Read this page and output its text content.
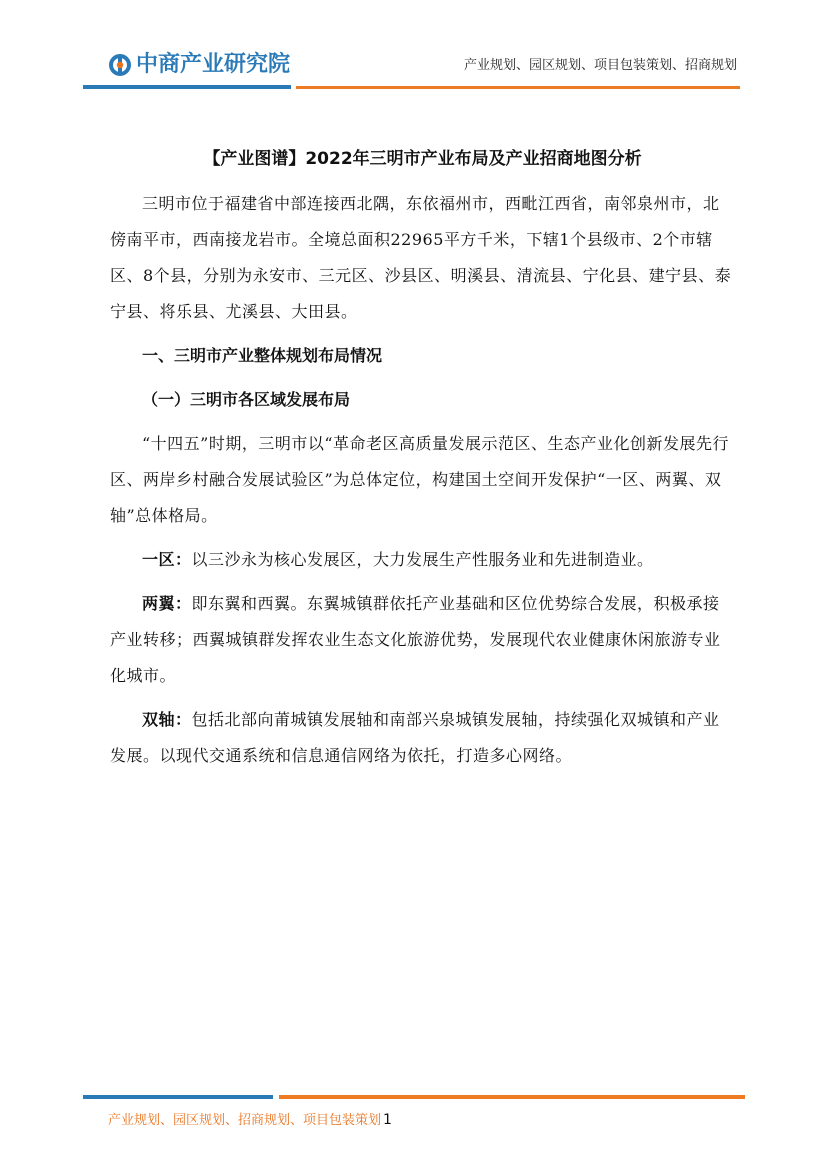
中商产业研究院	产业规划、园区规划、项目包装策划、招商规划
【产业图谱】2022年三明市产业布局及产业招商地图分析

三明市位于福建省中部连接西北隅，东依福州市，西毗江西省，南邻泉州市，北傍南平市，西南接龙岩市。全境总面积22965平方千米，下辖1个县级市、2个市辖区、8个县，分别为永安市、三元区、沙县区、明溪县、清流县、宁化县、建宁县、泰宁县、将乐县、尤溪县、大田县。

一、三明市产业整体规划布局情况
（一）三明市各区域发展布局

“十四五”时期，三明市以“革命老区高质量发展示范区、生态产业化创新发展先行区、两岸乡村融合发展试验区”为总体定位，构建国土空间开发保护“一区、两翼、双轴”总体格局。

一区：以三沙永为核心发展区，大力发展生产性服务业和先进制造业。

两翼：即东翼和西翼。东翼城镇群依托产业基础和区位优势综合发展，积极承接产业转移；西翼城镇群发挥农业生态文化旅游优势，发展现代农业健康休闲旅游专业化城市。

双轴：包括北部向莆城镇发展轴和南部兴泉城镇发展轴，持续强化双城镇和产业发展。以现代交通系统和信息通信网络为依托，打造多心网络。

产业规划、园区规划、招商规划、项目包装策划 1
